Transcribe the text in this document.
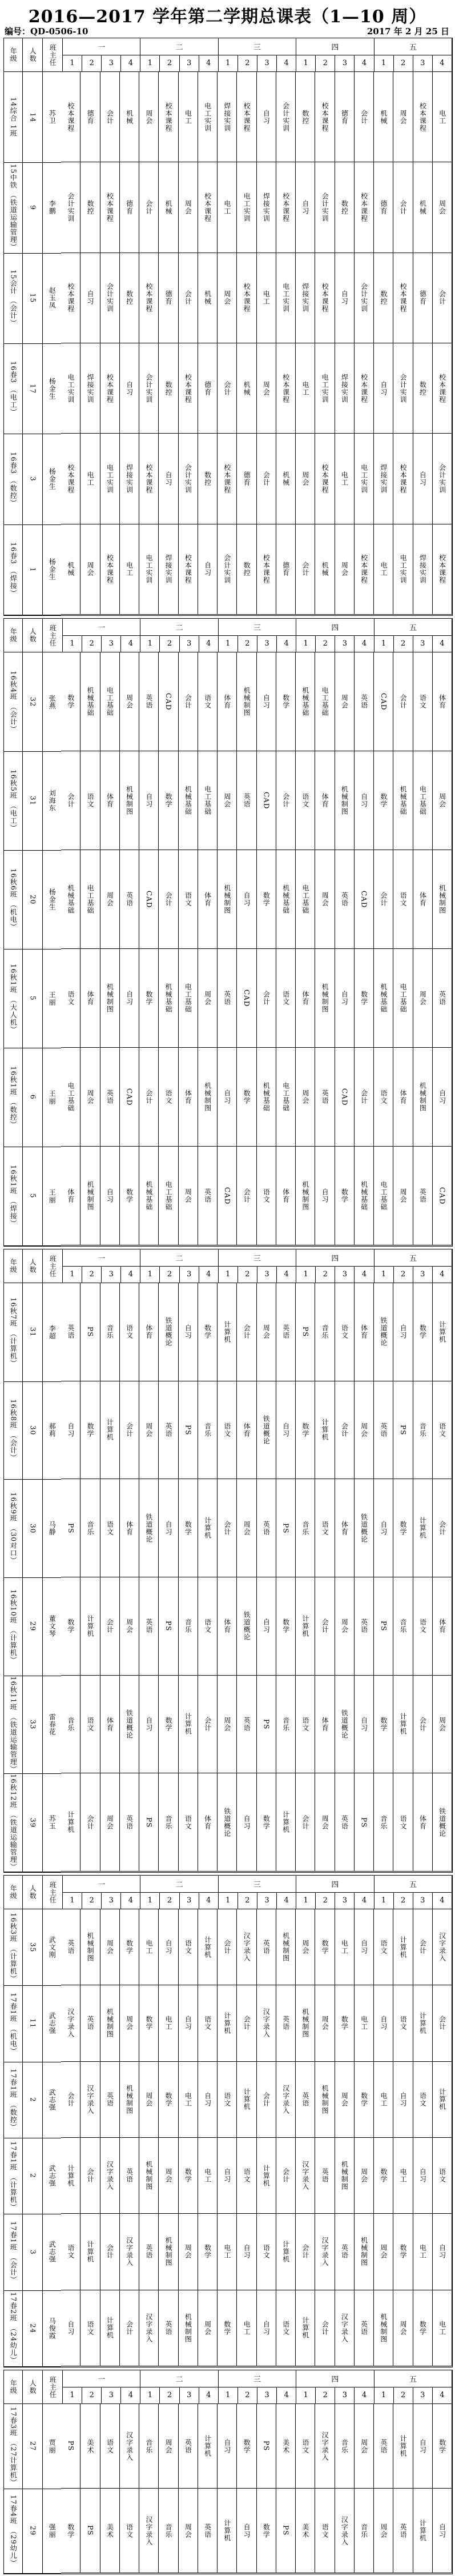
2016—2017 学年第二学期总课表（1—10 周）
编号：QD-0506-10	2017 年 2 月 25 日
年级	人数	班主任	一	二	三	四	五
1	2	3	4	1	2	3	4	1	2	3	4	1	2	3	4	1	2	3	4
14综合 1班	14	苏卫	校本课程	德育	会计	机械	周会	校本课程	电工	电工实训	焊接实训	校本课程	自习	会计实训	数控	校本课程	德育	会计	机械	周会	校本课程	电工
15中铁 （铁道运输管理）	9	李鹏	会计实训	数控	校本课程	德育	会计	机械	周会	校本课程	电工	电工实训	焊接实训	校本课程	自习	会计实训	数控	校本课程	德育	会计	机械	周会
15会计 （会计）	15	赵玉凤	校本课程	自习	会计实训	数控	校本课程	德育	会计	机械	周会	校本课程	电工	电工实训	焊接实训	校本课程	自习	会计实训	数控	校本课程	德育	会计
16春3 （电工）	17	杨金生	电工实训	焊接实训	校本课程	自习	会计实训	数控	校本课程	德育	会计	机械	周会	校本课程	电工	电工实训	焊接实训	校本课程	自习	会计实训	数控	校本课程
16春3 （数控）	3	杨金生	校本课程	电工	电工实训	焊接实训	校本课程	自习	会计实训	数控	校本课程	德育	会计	机械	周会	校本课程	电工	电工实训	焊接实训	校本课程	自习	会计实训
16春3 （焊接）	1	杨金生	机械	周会	校本课程	电工	电工实训	焊接实训	校本课程	自习	会计实训	数控	校本课程	德育	会计	机械	周会	校本课程	电工	电工实训	焊接实训	校本课程
年级	人数	班主任	一	二	三	四	五
1	2	3	4	1	2	3	4	1	2	3	4	1	2	3	4	1	2	3	4
16秋4班 （会计）	32	张燕	数学	机械基础	电工基础	周会	英语	CAD	会计	语文	体育	机械制图	自习	数学	机械基础	电工基础	周会	英语	CAD	会计	语文	体育
16秋5班 （电工）	31	刘海东	会计	语文	体育	机械制图	自习	数学	机械基础	电工基础	周会	英语	CAD	会计	语文	体育	机械制图	自习	数学	机械基础	电工基础	周会
16秋6班 （机电）	20	杨金生	机械基础	电工基础	周会	英语	CAD	会计	语文	体育	机械制图	自习	数学	机械基础	电工基础	周会	英语	CAD	会计	语文	体育	机械制图
16秋1班 （大人机）	5	王丽	语文	体育	机械制图	自习	数学	机械基础	电工基础	周会	英语	CAD	会计	语文	体育	机械制图	自习	数学	机械基础	电工基础	周会	英语
16秋1班 （数控）	6	王丽	电工基础	周会	英语	CAD	会计	语文	体育	机械制图	自习	数学	机械基础	电工基础	周会	英语	CAD	会计	语文	体育	机械制图	自习
16秋1班 （焊接）	5	王丽	体育	机械制图	自习	数学	机械基础	电工基础	周会	英语	CAD	会计	语文	体育	机械制图	自习	数学	机械基础	电工基础	周会	英语	CAD
年级	人数	班主任	一	二	三	四	五
1	2	3	4	1	2	3	4	1	2	3	4	1	2	3	4	1	2	3	4
16秋7班 （计算机）	31	李超	英语	PS	音乐	语文	体育	铁道概论	自习	数学	计算机	会计	周会	英语	PS	音乐	语文	体育	铁道概论	自习	数学	计算机
16秋8班 （会计）	30	郝莉	自习	数学	计算机	会计	周会	英语	PS	音乐	语文	体育	铁道概论	自习	数学	计算机	会计	周会	英语	PS	音乐	语文
16秋9班 （30对口）	30	马静	PS	音乐	语文	体育	铁道概论	自习	数学	计算机	会计	周会	英语	PS	音乐	语文	体育	铁道概论	自习	数学	计算机	会计
16秋10班 （计算机）	29	董文琴	数学	计算机	会计	周会	英语	PS	音乐	语文	体育	铁道概论	自习	数学	计算机	会计	周会	英语	PS	音乐	语文	体育
16秋11班 （铁道运输管理）	33	雷春花	音乐	语文	体育	铁道概论	自习	数学	计算机	会计	周会	英语	PS	音乐	语文	体育	铁道概论	自习	数学	计算机	会计	周会
16秋12班 （铁道运输管理）	39	苏玉	计算机	会计	周会	英语	PS	音乐	语文	体育	铁道概论	自习	数学	计算机	会计	周会	英语	PS	音乐	语文	体育	铁道概论
年级	人数	班主任	一	二	三	四	五
1	2	3	4	1	2	3	4	1	2	3	4	1	2	3	4	1	2	3	4
16秋3班 （计算机）	35	武文刚	英语	机械制图	周会	数学	电工	自习	语文	计算机	会计	汉字录入	英语	机械制图	周会	数学	电工	自习	语文	计算机	会计	汉字录入
17春1班 （机电）	11	武志强	汉字录入	英语	机械制图	周会	数学	电工	自习	语文	计算机	会计	汉字录入	英语	机械制图	周会	数学	电工	自习	语文	计算机	会计
17春1班 （数控）	2	武志强	会计	汉字录入	英语	机械制图	周会	数学	电工	自习	语文	计算机	会计	汉字录入	英语	机械制图	周会	数学	电工	自习	语文	计算机
17春1班 （计算机）	2	武志强	计算机	会计	汉字录入	英语	机械制图	周会	数学	电工	自习	语文	计算机	会计	汉字录入	英语	机械制图	周会	数学	电工	自习	语文
17春1班 （会计）	3	武志强	语文	计算机	会计	汉字录入	英语	机械制图	周会	数学	电工	自习	语文	计算机	会计	汉字录入	英语	机械制图	周会	数学	电工	自习
17春2班 （24幼儿）	24	马俊霞	自习	语文	计算机	会计	汉字录入	英语	机械制图	周会	数学	电工	自习	语文	计算机	会计	汉字录入	英语	机械制图	周会	数学	电工
年级	人数	班主任	一	二	三	四	五
1	2	3	4	1	2	3	4	1	2	3	4	1	2	3	4	1	2	3	4
17春3班 （27计算机）	27	贾丽	PS	美术	语文	汉字录入	音乐	周会	英语	计算机	自习	数学	PS	美术	语文	汉字录入	音乐	周会	英语	计算机	自习	数学
17春4班 （29幼儿）	29	强丽	数学	PS	美术	语文	汉字录入	音乐	周会	英语	计算机	自习	数学	PS	美术	语文	汉字录入	音乐	周会	英语	计算机	自习
